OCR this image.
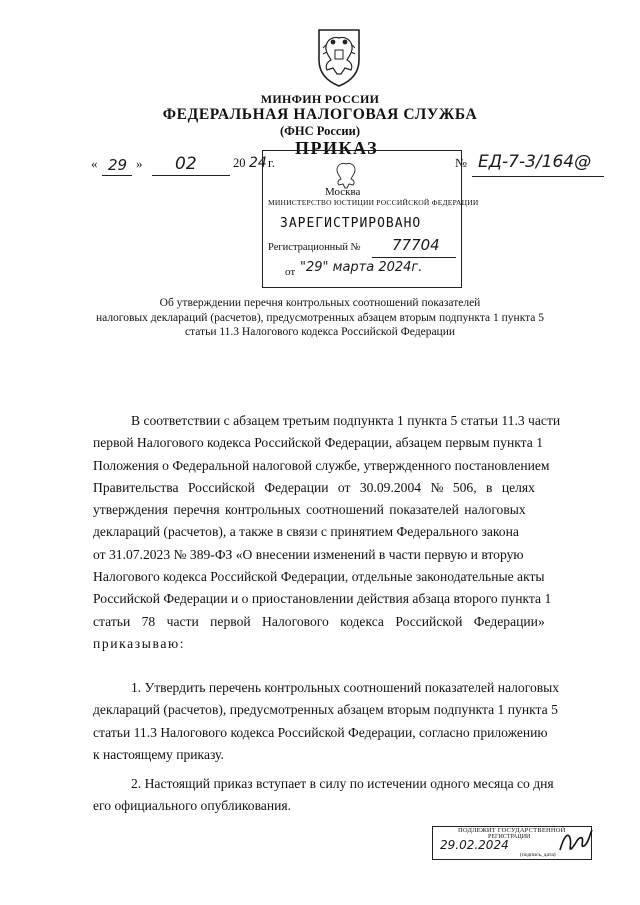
МИНФИН РОССИИ
ФЕДЕРАЛЬНАЯ НАЛОГОВАЯ СЛУЖБА
(ФНС России)
« 29 » 02	20 24 г.
ПРИКАЗ
№ ЕД-7-3/164@
Москва
МИНИСТЕРСТВО ЮСТИЦИИ РОССИЙСКОЙ ФЕДЕРАЦИИ
ЗАРЕГИСТРИРОВАНО
Регистрационный № 77704
от "29" марта 2024г.
Об утверждении перечня контрольных соотношений показателей
налоговых деклараций (расчетов), предусмотренных абзацем вторым подпункта 1 пункта 5
статьи 11.3 Налогового кодекса Российской Федерации
В соответствии с абзацем третьим подпункта 1 пункта 5 статьи 11.3 части
первой Налогового кодекса Российской Федерации, абзацем первым пункта 1
Положения о Федеральной налоговой службе, утвержденного постановлением
Правительства Российской Федерации от 30.09.2004 № 506, в целях
утверждения перечня контрольных соотношений показателей налоговых
деклараций (расчетов), а также в связи с принятием Федерального закона
от 31.07.2023 № 389-ФЗ «О внесении изменений в части первую и вторую
Налогового кодекса Российской Федерации, отдельные законодательные акты
Российской Федерации и о приостановлении действия абзаца второго пункта 1
статьи 78 части первой Налогового кодекса Российской Федерации»
приказываю:
1. Утвердить перечень контрольных соотношений показателей налоговых
деклараций (расчетов), предусмотренных абзацем вторым подпункта 1 пункта 5
статьи 11.3 Налогового кодекса Российской Федерации, согласно приложению
к настоящему приказу.
2. Настоящий приказ вступает в силу по истечении одного месяца со дня
его официального опубликования.
ПОДЛЕЖИТ ГОСУДАРСТВЕННОЙ
РЕГИСТРАЦИИ
29.02.2024
(подпись, дата)
